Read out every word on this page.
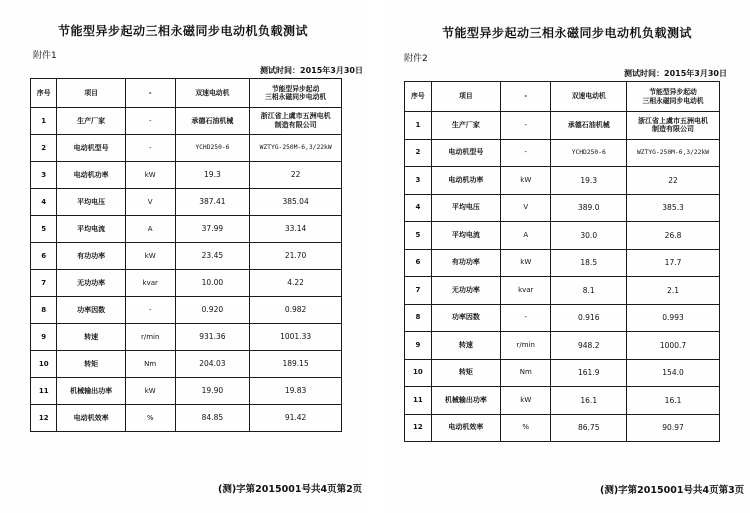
节能型异步起动三相永磁同步电动机负载测试
附件1
测试时间：2015年3月30日
序号	项目	-	双速电动机	节能型异步起动
三相永磁同步电动机
1	生产厂家	-	承德石油机械	浙江省上虞市五洲电机
制造有限公司
2	电动机型号	-	YCHD250-6	WZTYG-250M-6,3/22kW
3	电动机功率	kW	19.3	22
4	平均电压	V	387.41	385.04
5	平均电流	A	37.99	33.14
6	有功功率	kW	23.45	21.70
7	无功功率	kvar	10.00	4.22
8	功率因数	-	0.920	0.982
9	转速	r/min	931.36	1001.33
10	转矩	Nm	204.03	189.15
11	机械输出功率	kW	19.90	19.83
12	电动机效率	%	84.85	91.42
(测)字第2015001号共4页第2页
节能型异步起动三相永磁同步电动机负载测试
附件2
测试时间：2015年3月30日
序号	项目	-	双速电动机	节能型异步起动
三相永磁同步电动机
1	生产厂家	-	承德石油机械	浙江省上虞市五洲电机
制造有限公司
2	电动机型号	-	YCHD250-6	WZTYG-250M-6,3/22kW
3	电动机功率	kW	19.3	22
4	平均电压	V	389.0	385.3
5	平均电流	A	30.0	26.8
6	有功功率	kW	18.5	17.7
7	无功功率	kvar	8.1	2.1
8	功率因数	-	0.916	0.993
9	转速	r/min	948.2	1000.7
10	转矩	Nm	161.9	154.0
11	机械输出功率	kW	16.1	16.1
12	电动机效率	%	86.75	90.97
(测)字第2015001号共4页第3页
